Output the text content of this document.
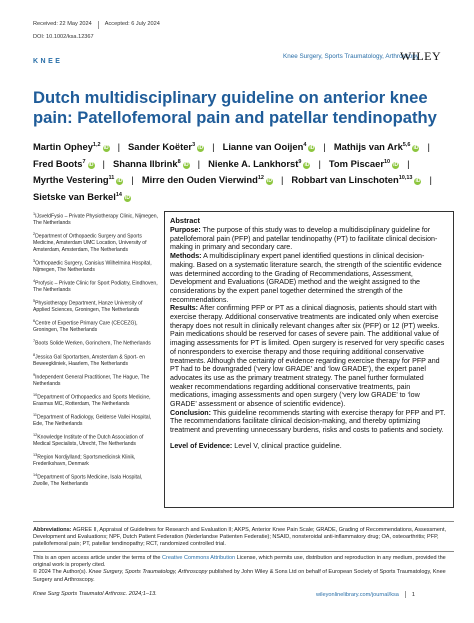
Received: 22 May 2024 Accepted: 6 July 2024
DOI: 10.1002/ksa.12367
KNEE
Knee Surgery, Sports Traumatology, Arthroscopy
WILEY
Dutch multidisciplinary guideline on anterior knee pain: Patellofemoral pain and patellar tendinopathy
Martin Ophey$^{1,2}$iD | Sander Koëter$^3$iD | Lianne van Ooijen$^4$iD | Mathijs van Ark$^{5,6}$iD |
Fred Boots$^7$iD | Shanna Ilbrink$^8$iD | Nienke A. Lankhorst$^9$iD | Tom Piscaer$^{10}$iD |
Myrthe Vestering$^{11}$iD | Mirre den Ouden Vierwind$^{12}$iD | Robbart van Linschoten$^{10,13}$iD |
Sietske van Berkel$^{14}$iD
$^1$IJsveldFysio – Private Physiotherapy Clinic, Nijmegen, The Netherlands
$^2$Department of Orthopaedic Surgery and Sports Medicine, Amsterdam UMC Location, University of Amsterdam, Amsterdam, The Netherlands
$^3$Orthopaedic Surgery, Canisius Wilhelmina Hospital, Nijmegen, The Netherlands
$^4$Profysic – Private Clinic for Sport Podiatry, Eindhoven, The Netherlands
$^5$Physiotherapy Department, Hanze University of Applied Sciences, Groningen, The Netherlands
$^6$Centre of Expertise Primary Care (CECEZG), Groningen, The Netherlands
$^7$Boots Solide Werken, Gorinchem, The Netherlands
$^8$Jessica Gal Sportartsen, Amsterdam & Sport- en Beweegkliniek, Haarlem, The Netherlands
$^9$Independent General Practitioner, The Hague, The Netherlands
$^{10}$Department of Orthopaedics and Sports Medicine, Erasmus MC, Rotterdam, The Netherlands
$^{11}$Department of Radiology, Gelderse Vallei Hospital, Ede, The Netherlands
$^{12}$Knowledge Institute of the Dutch Association of Medical Specialists, Utrecht, The Netherlands
$^{13}$Region Nordjylland; Sportsmedicinsk Klinik, Frederikshavn, Denmark
$^{14}$Department of Sports Medicine, Isala Hospital, Zwolle, The Netherlands
Abstract

Purpose: The purpose of this study was to develop a multidisciplinary guideline for patellofemoral pain (PFP) and patellar tendinopathy (PT) to facilitate clinical decision-making in primary and secondary care.

Methods: A multidisciplinary expert panel identified questions in clinical decision-making. Based on a systematic literature search, the strength of the scientific evidence was determined according to the Grading of Recommendations, Assessment, Development and Evaluations (GRADE) method and the weight assigned to the considerations by the expert panel together determined the strength of the recommendations.

Results: After confirming PFP or PT as a clinical diagnosis, patients should start with exercise therapy. Additional conservative treatments are indicated only when exercise therapy does not result in clinically relevant changes after six (PFP) or 12 (PT) weeks. Pain medications should be reserved for cases of severe pain. The additional value of imaging assessments for PT is limited. Open surgery is reserved for very specific cases of nonresponders to exercise therapy and those requiring additional conservative treatments. Although the certainty of evidence regarding exercise therapy for PFP and PT had to be downgraded (‘very low GRADE’ and ‘low GRADE’), the expert panel advocates its use as the primary treatment strategy. The panel further formulated weaker recommendations regarding additional conservative treatments, pain medications, imaging assessments and open surgery (‘very low GRADE’ to ‘low GRADE’ assessment or absence of scientific evidence).

Conclusion: This guideline recommends starting with exercise therapy for PFP and PT. The recommendations facilitate clinical decision-making, and thereby optimizing treatment and preventing unnecessary burdens, risks and costs to patients and society.

Level of Evidence: Level V, clinical practice guideline.

Abbreviations: AGREE II, Appraisal of Guidelines for Research and Evaluation II; AKPS, Anterior Knee Pain Scale; GRADE, Grading of Recommendations, Assessment, Development and Evaluations; NPF, Dutch Patient Federation (Nederlandse Patienten Federatie); NSAID, nonsteroidal anti-inflammatory drug; OA, osteoarthritis; PFP, patellofemoral pain; PT, patellar tendinopathy; RCT, randomized controlled trial.
This is an open access article under the terms of the Creative Commons Attribution License, which permits use, distribution and reproduction in any medium, provided the original work is properly cited.
© 2024 The Author(s). Knee Surgery, Sports Traumatology, Arthroscopy published by John Wiley & Sons Ltd on behalf of European Society of Sports Traumatology, Knee Surgery and Arthroscopy.
Knee Surg Sports Traumatol Arthrosc. 2024;1–13.	wileyonlinelibrary.com/journal/ksa 1
